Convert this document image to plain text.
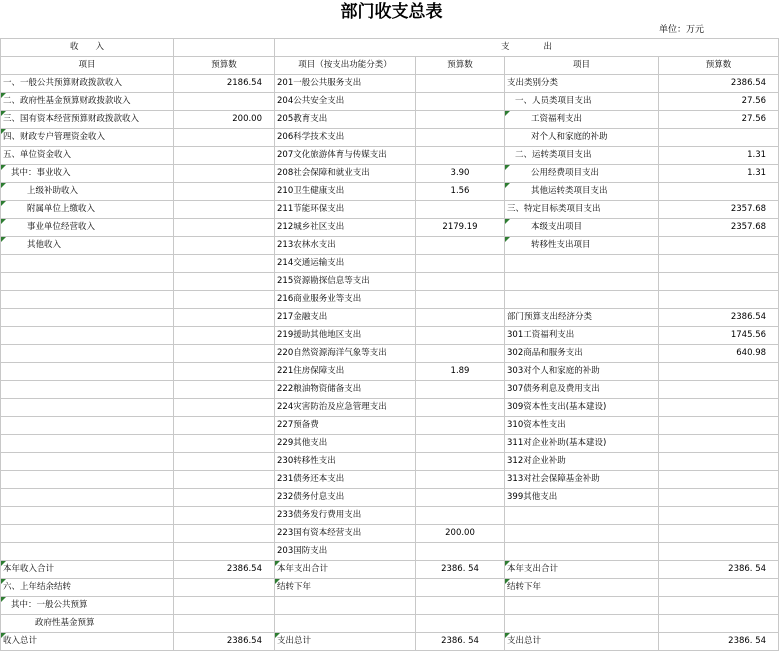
部门收支总表
单位：万元
收　　入		支　　　　出			
项目	预算数	项目（按支出功能分类）	预算数	项目	预算数
一、一般公共预算财政拨款收入	2186.54	201一般公共服务支出		支出类别分类	2386.54
二、政府性基金预算财政拨款收入		204公共安全支出		一、人员类项目支出	27.56
三、国有资本经营预算财政拨款收入	200.00	205教育支出		工资福利支出	27.56
四、财政专户管理资金收入		206科学技术支出		对个人和家庭的补助	
五、单位资金收入		207文化旅游体育与传媒支出		二、运转类项目支出	1.31
其中：事业收入		208社会保障和就业支出	3.90	公用经费项目支出	1.31
上级补助收入		210卫生健康支出	1.56	其他运转类项目支出	
附属单位上缴收入		211节能环保支出		三、特定目标类项目支出	2357.68
事业单位经营收入		212城乡社区支出	2179.19	本级支出项目	2357.68
其他收入		213农林水支出		转移性支出项目	
		214交通运输支出			
		215资源勘探信息等支出			
		216商业服务业等支出			
		217金融支出		部门预算支出经济分类	2386.54
		219援助其他地区支出		301工资福利支出	1745.56
		220自然资源海洋气象等支出		302商品和服务支出	640.98
		221住房保障支出	1.89	303对个人和家庭的补助	
		222粮油物资储备支出		307债务利息及费用支出	
		224灾害防治及应急管理支出		309资本性支出(基本建设)	
		227预备费		310资本性支出	
		229其他支出		311对企业补助(基本建设)	
		230转移性支出		312对企业补助	
		231债务还本支出		313对社会保障基金补助	
		232债务付息支出		399其他支出	
		233债务发行费用支出			
		223国有资本经营支出	200.00		
		203国防支出			
本年收入合计	2386.54	本年支出合计	2386. 54	本年支出合计	2386. 54
六、上年结余结转		结转下年		结转下年	
其中：一般公共预算					
政府性基金预算					
收入总计	2386.54	支出总计	2386. 54	支出总计	2386. 54
